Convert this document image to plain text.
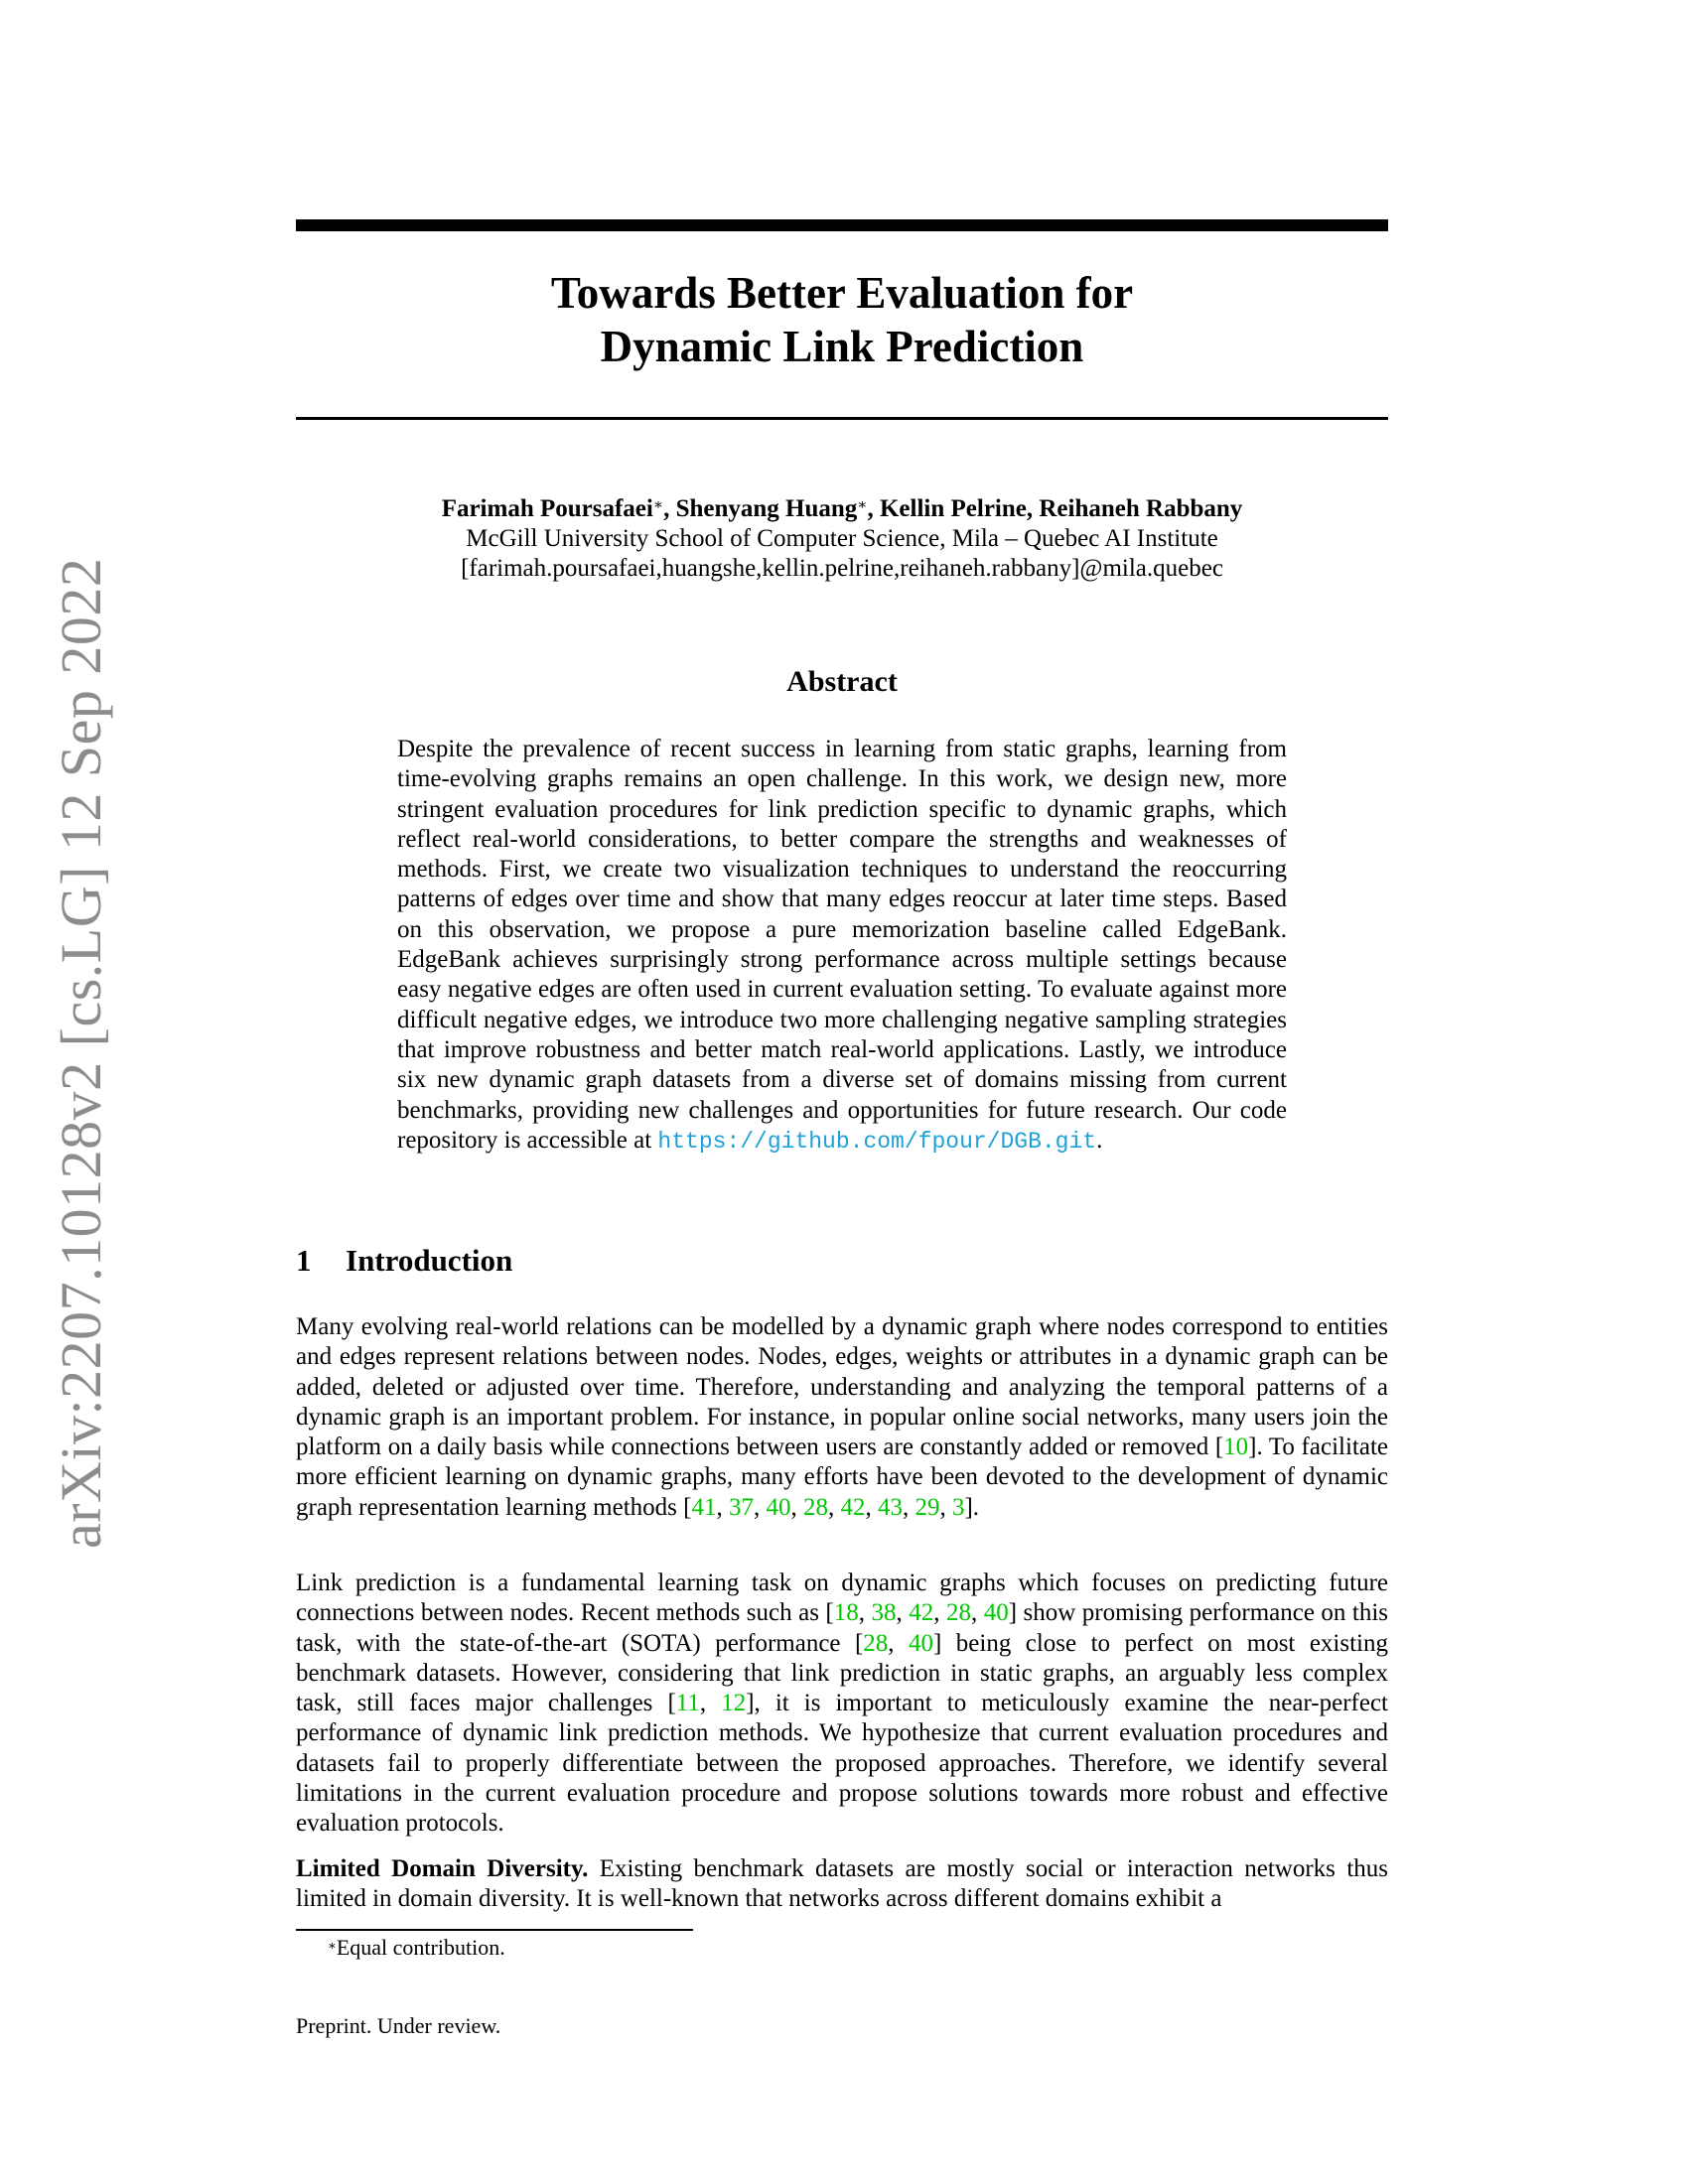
arXiv:2207.10128v2 [cs.LG] 12 Sep 2022
Towards Better Evaluation for
Dynamic Link Prediction
Farimah Poursafaei∗, Shenyang Huang∗, Kellin Pelrine, Reihaneh Rabbany
McGill University School of Computer Science, Mila – Quebec AI Institute
[farimah.poursafaei,huangshe,kellin.pelrine,reihaneh.rabbany]@mila.quebec
Abstract
Despite the prevalence of recent success in learning from static graphs, learning from time-evolving graphs remains an open challenge. In this work, we design new, more stringent evaluation procedures for link prediction specific to dynamic graphs, which reflect real-world considerations, to better compare the strengths and weaknesses of methods. First, we create two visualization techniques to understand the reoccurring patterns of edges over time and show that many edges reoccur at later time steps. Based on this observation, we propose a pure memorization baseline called EdgeBank. EdgeBank achieves surprisingly strong performance across multiple settings because easy negative edges are often used in current evaluation setting. To evaluate against more difficult negative edges, we introduce two more challenging negative sampling strategies that improve robustness and better match real-world applications. Lastly, we introduce six new dynamic graph datasets from a diverse set of domains missing from current benchmarks, providing new challenges and opportunities for future research. Our code repository is accessible at https://github.com/fpour/DGB.git.
1 Introduction
Many evolving real-world relations can be modelled by a dynamic graph where nodes correspond to entities and edges represent relations between nodes. Nodes, edges, weights or attributes in a dynamic graph can be added, deleted or adjusted over time. Therefore, understanding and analyzing the temporal patterns of a dynamic graph is an important problem. For instance, in popular online social networks, many users join the platform on a daily basis while connections between users are constantly added or removed [10]. To facilitate more efficient learning on dynamic graphs, many efforts have been devoted to the development of dynamic graph representation learning methods [41, 37, 40, 28, 42, 43, 29, 3].
Link prediction is a fundamental learning task on dynamic graphs which focuses on predicting future connections between nodes. Recent methods such as [18, 38, 42, 28, 40] show promising performance on this task, with the state-of-the-art (SOTA) performance [28, 40] being close to perfect on most existing benchmark datasets. However, considering that link prediction in static graphs, an arguably less complex task, still faces major challenges [11, 12], it is important to meticulously examine the near-perfect performance of dynamic link prediction methods. We hypothesize that current evaluation procedures and datasets fail to properly differentiate between the proposed approaches. Therefore, we identify several limitations in the current evaluation procedure and propose solutions towards more robust and effective evaluation protocols.
Limited Domain Diversity. Existing benchmark datasets are mostly social or interaction networks thus limited in domain diversity. It is well-known that networks across different domains exhibit a
∗Equal contribution.
Preprint. Under review.
